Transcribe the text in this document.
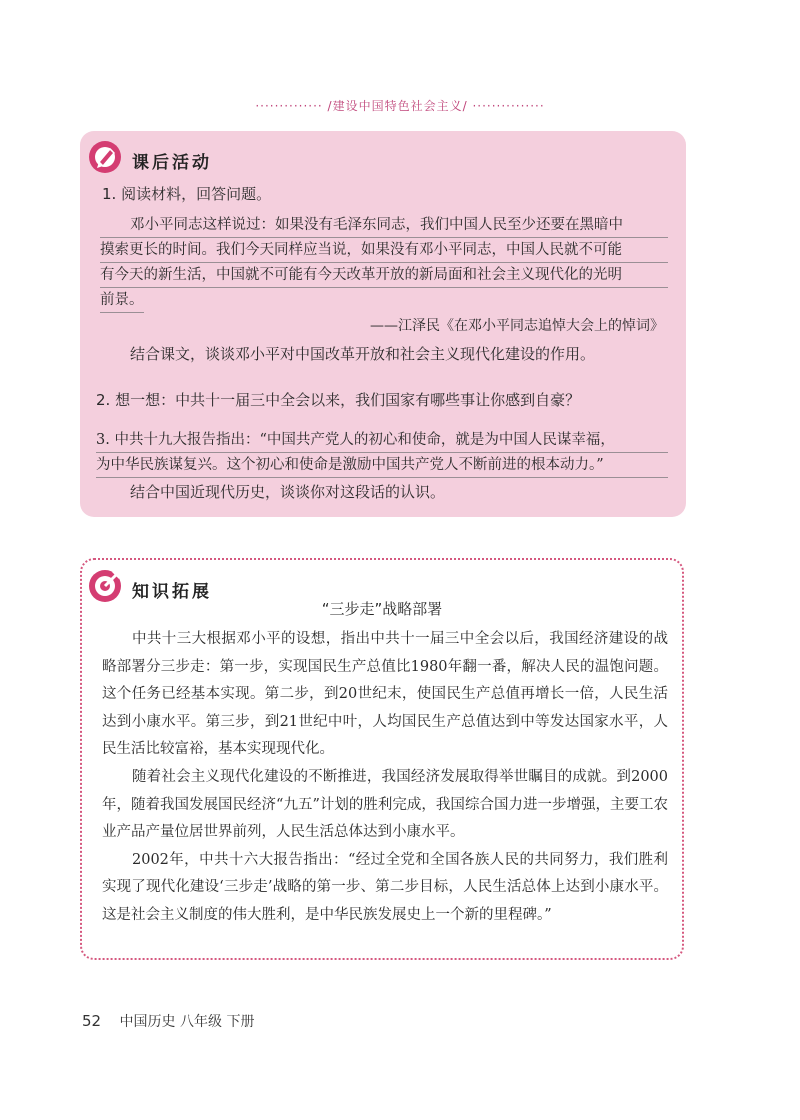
·············· /建设中国特色社会主义/ ···············
课后活动
1. 阅读材料，回答问题。
邓小平同志这样说过：如果没有毛泽东同志，我们中国人民至少还要在黑暗中
摸索更长的时间。我们今天同样应当说，如果没有邓小平同志，中国人民就不可能
有今天的新生活，中国就不可能有今天改革开放的新局面和社会主义现代化的光明
前景。
——江泽民《在邓小平同志追悼大会上的悼词》
结合课文，谈谈邓小平对中国改革开放和社会主义现代化建设的作用。
2. 想一想：中共十一届三中全会以来，我们国家有哪些事让你感到自豪？
3. 中共十九大报告指出：“中国共产党人的初心和使命，就是为中国人民谋幸福，
为中华民族谋复兴。这个初心和使命是激励中国共产党人不断前进的根本动力。”
结合中国近现代历史，谈谈你对这段话的认识。
知识拓展
“三步走”战略部署

中共十三大根据邓小平的设想，指出中共十一届三中全会以后，我国经济建设的战略部署分三步走：第一步，实现国民生产总值比1980年翻一番，解决人民的温饱问题。这个任务已经基本实现。第二步，到20世纪末，使国民生产总值再增长一倍，人民生活达到小康水平。第三步，到21世纪中叶，人均国民生产总值达到中等发达国家水平，人民生活比较富裕，基本实现现代化。

随着社会主义现代化建设的不断推进，我国经济发展取得举世瞩目的成就。到2000年，随着我国发展国民经济“九五”计划的胜利完成，我国综合国力进一步增强，主要工农业产品产量位居世界前列，人民生活总体达到小康水平。

2002年，中共十六大报告指出：“经过全党和全国各族人民的共同努力，我们胜利实现了现代化建设‘三步走’战略的第一步、第二步目标，人民生活总体上达到小康水平。这是社会主义制度的伟大胜利，是中华民族发展史上一个新的里程碑。”

52 中国历史 八年级 下册
